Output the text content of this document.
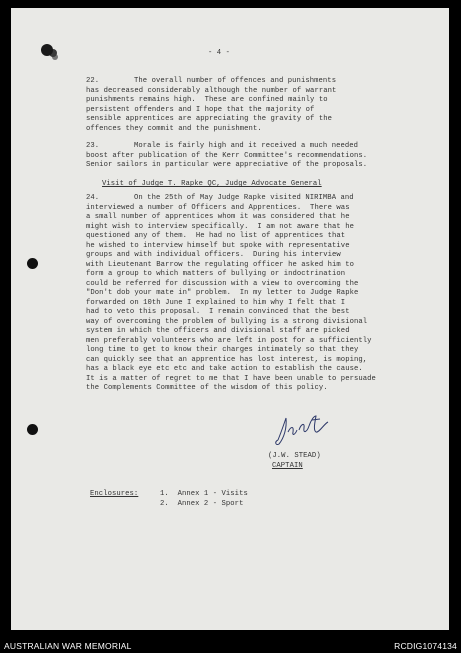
- 4 -
22.	The overall number of offences and punishments
has decreased considerably although the number of warrant
punishments remains high.  These are confined mainly to
persistent offenders and I hope that the majority of
sensible apprentices are appreciating the gravity of the
offences they commit and the punishment.
23.	Morale is fairly high and it received a much needed
boost after publication of the Kerr Committee's recommendations.
Senior sailors in particular were appreciative of the proposals.
Visit of Judge T. Rapke QC, Judge Advocate General
24.	On the 25th of May Judge Rapke visited NIRIMBA and
interviewed a number of Officers and Apprentices.  There was
a small number of apprentices whom it was considered that he
might wish to interview specifically.  I am not aware that he
questioned any of them.  He had no list of apprentices that
he wished to interview himself but spoke with representative
groups and with individual officers.  During his interview
with Lieutenant Barrow the regulating officer he asked him to
form a group to which matters of bullying or indoctrination
could be referred for discussion with a view to overcoming the
"Don't dob your mate in" problem.  In my letter to Judge Rapke
forwarded on 10th June I explained to him why I felt that I
had to veto this proposal.  I remain convinced that the best
way of overcoming the problem of bullying is a strong divisional
system in which the officers and divisional staff are picked
men preferably volunteers who are left in post for a sufficiently
long time to get to know their charges intimately so that they
can quickly see that an apprentice has lost interest, is moping,
has a black eye etc etc and take action to establish the cause.
It is a matter of regret to me that I have been unable to persuade
the Complements Committee of the wisdom of this policy.
(J.W. STEAD)
CAPTAIN
Enclosures:	1.  Annex 1 - Visits
2.  Annex 2 - Sport
AUSTRALIAN WAR MEMORIAL	RCDIG1074134
